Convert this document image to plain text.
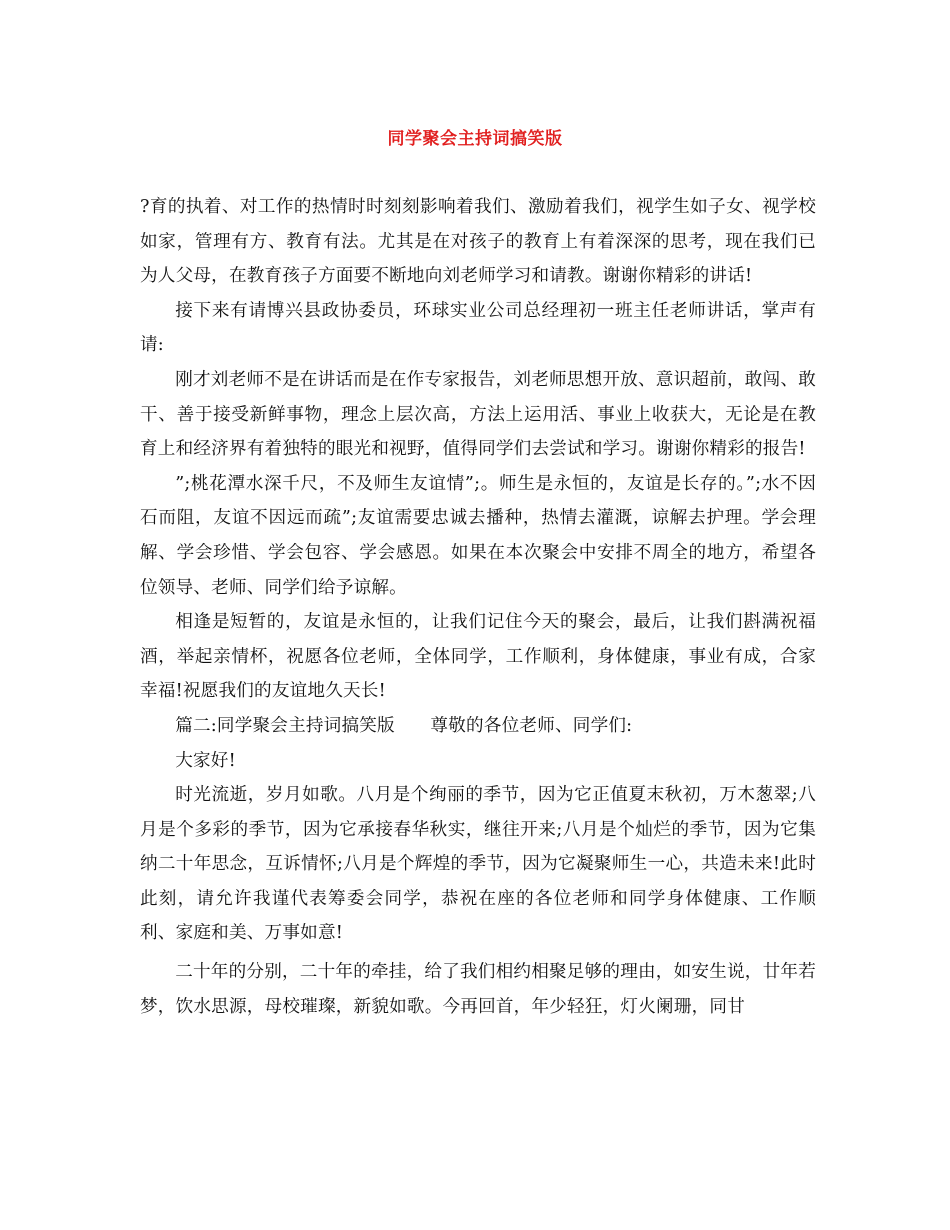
同学聚会主持词搞笑版

?育的执着、对工作的热情时时刻刻影响着我们、激励着我们，视学生如子女、视学校如家，管理有方、教育有法。尤其是在对孩子的教育上有着深深的思考，现在我们已为人父母，在教育孩子方面要不断地向刘老师学习和请教。谢谢你精彩的讲话!

接下来有请博兴县政协委员，环球实业公司总经理初一班主任老师讲话，掌声有请:

刚才刘老师不是在讲话而是在作专家报告，刘老师思想开放、意识超前，敢闯、敢干、善于接受新鲜事物，理念上层次高，方法上运用活、事业上收获大，无论是在教育上和经济界有着独特的眼光和视野，值得同学们去尝试和学习。谢谢你精彩的报告!

”;桃花潭水深千尺，不及师生友谊情”;。师生是永恒的，友谊是长存的。”;水不因石而阻，友谊不因远而疏”;友谊需要忠诚去播种，热情去灌溉，谅解去护理。学会理解、学会珍惜、学会包容、学会感恩。如果在本次聚会中安排不周全的地方，希望各位领导、老师、同学们给予谅解。

相逢是短暂的，友谊是永恒的，让我们记住今天的聚会，最后，让我们斟满祝福酒，举起亲情杯，祝愿各位老师，全体同学，工作顺利，身体健康，事业有成，合家幸福!祝愿我们的友谊地久天长!

篇二:同学聚会主持词搞笑版　　尊敬的各位老师、同学们:

大家好!

时光流逝，岁月如歌。八月是个绚丽的季节，因为它正值夏末秋初，万木葱翠;八月是个多彩的季节，因为它承接春华秋实，继往开来;八月是个灿烂的季节，因为它集纳二十年思念，互诉情怀;八月是个辉煌的季节，因为它凝聚师生一心，共造未来!此时此刻，请允许我谨代表筹委会同学，恭祝在座的各位老师和同学身体健康、工作顺利、家庭和美、万事如意!

二十年的分别，二十年的牵挂，给了我们相约相聚足够的理由，如安生说，廿年若梦，饮水思源，母校璀璨，新貌如歌。今再回首，年少轻狂，灯火阑珊，同甘
